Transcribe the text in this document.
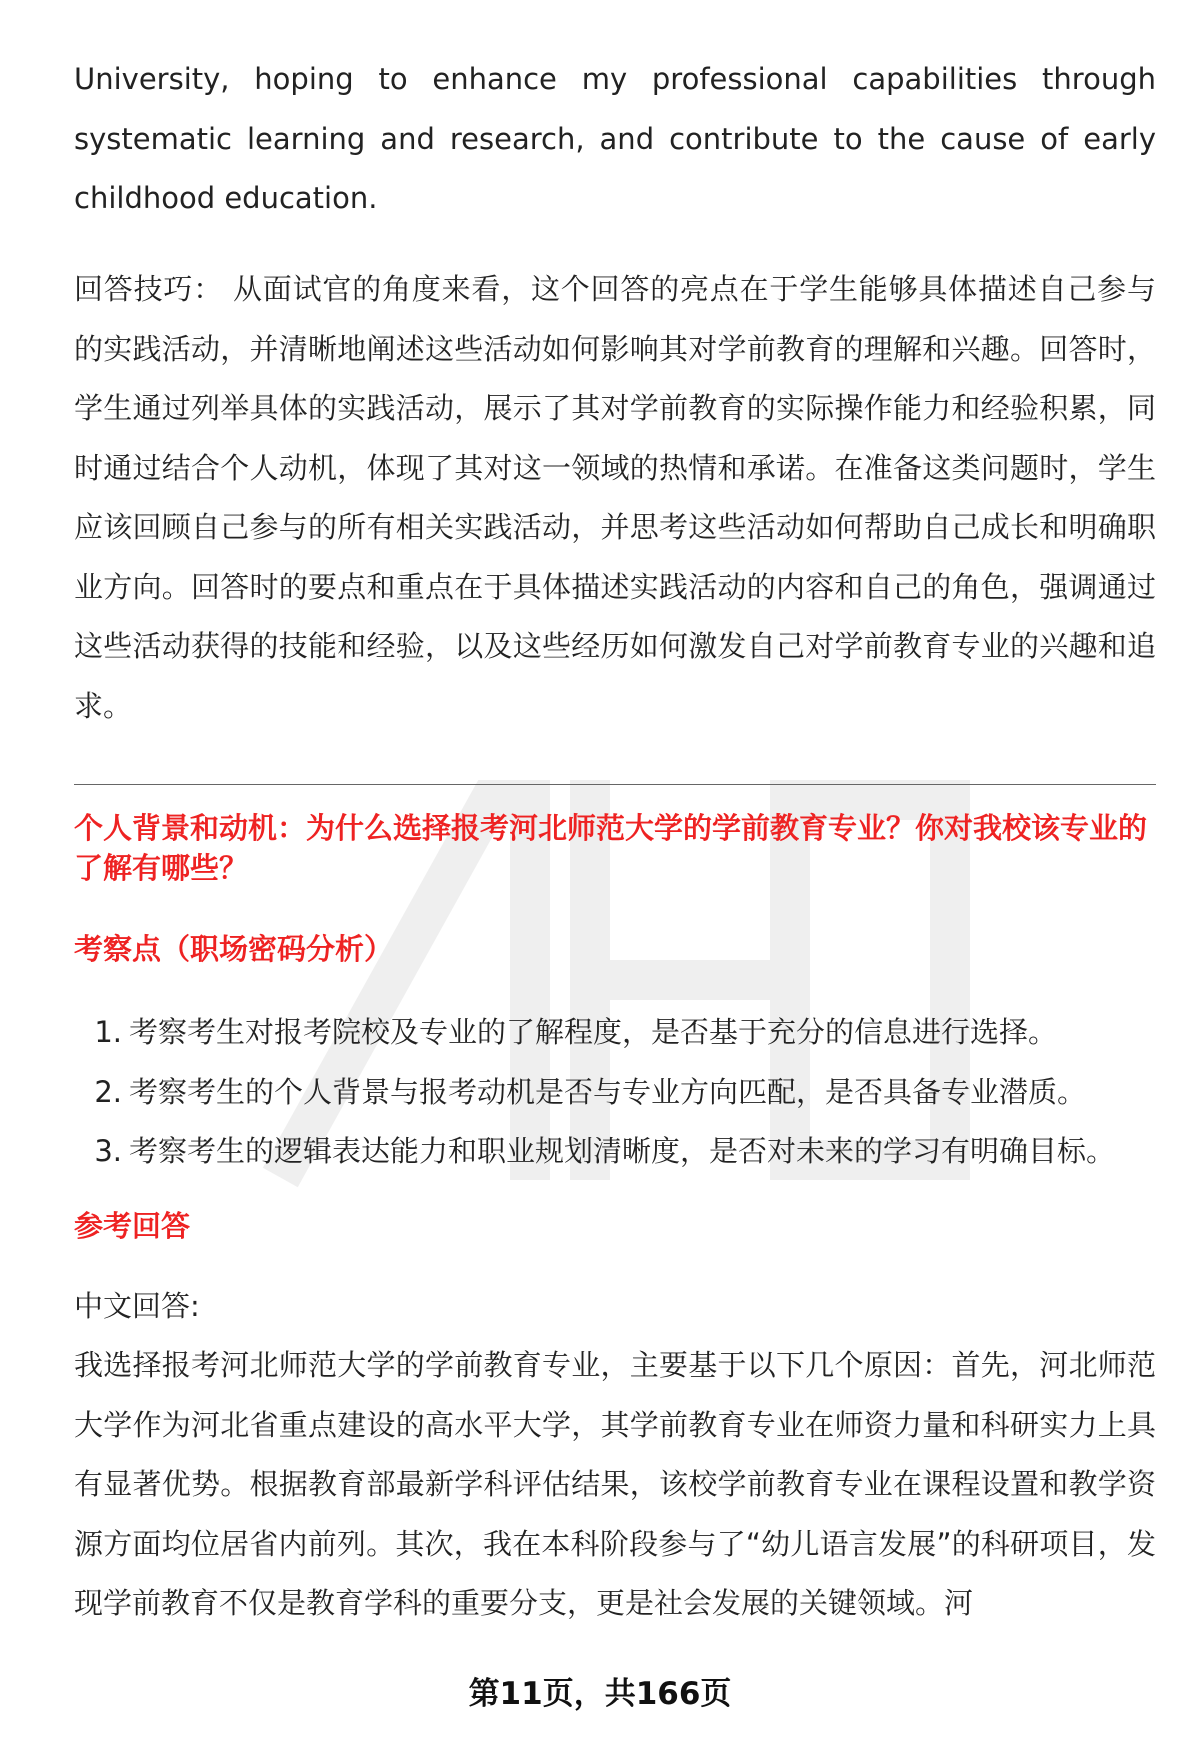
University, hoping to enhance my professional capabilities through systematic learning and research, and contribute to the cause of early childhood education.

回答技巧： 从面试官的角度来看，这个回答的亮点在于学生能够具体描述自己参与的实践活动，并清晰地阐述这些活动如何影响其对学前教育的理解和兴趣。回答时，学生通过列举具体的实践活动，展示了其对学前教育的实际操作能力和经验积累，同时通过结合个人动机，体现了其对这一领域的热情和承诺。在准备这类问题时，学生应该回顾自己参与的所有相关实践活动，并思考这些活动如何帮助自己成长和明确职业方向。回答时的要点和重点在于具体描述实践活动的内容和自己的角色，强调通过这些活动获得的技能和经验，以及这些经历如何激发自己对学前教育专业的兴趣和追求。

个人背景和动机：为什么选择报考河北师范大学的学前教育专业？你对我校该专业的了解有哪些？

考察点（职场密码分析）

1. 考察考生对报考院校及专业的了解程度，是否基于充分的信息进行选择。
2. 考察考生的个人背景与报考动机是否与专业方向匹配，是否具备专业潜质。
3. 考察考生的逻辑表达能力和职业规划清晰度，是否对未来的学习有明确目标。

参考回答

中文回答:

我选择报考河北师范大学的学前教育专业，主要基于以下几个原因：首先，河北师范大学作为河北省重点建设的高水平大学，其学前教育专业在师资力量和科研实力上具有显著优势。根据教育部最新学科评估结果，该校学前教育专业在课程设置和教学资源方面均位居省内前列。其次，我在本科阶段参与了“幼儿语言发展”的科研项目，发现学前教育不仅是教育学科的重要分支，更是社会发展的关键领域。河

第11页，共166页
